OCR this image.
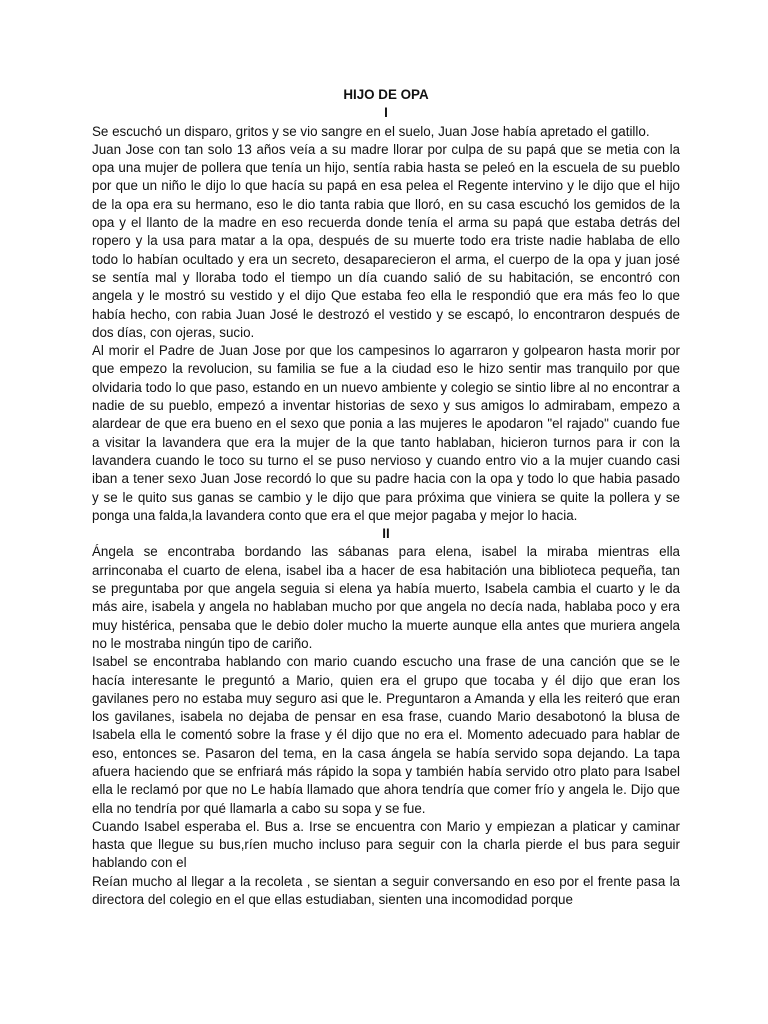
HIJO DE OPA

I

Se escuchó un disparo, gritos y se vio sangre en el suelo, Juan Jose había apretado el gatillo.

Juan Jose con tan solo 13 años veía a su madre llorar por culpa de su papá que se metia con la opa una mujer de pollera que tenía un hijo, sentía rabia hasta se peleó en la escuela de su pueblo por que un niño le dijo lo que hacía su papá en esa pelea el Regente intervino y le dijo que el hijo de la opa era su hermano, eso le dio tanta rabia que lloró, en su casa escuchó los gemidos de la opa y el llanto de la madre en eso recuerda donde tenía el arma su papá que estaba detrás del ropero y la usa para matar a la opa, después de su muerte todo era triste nadie hablaba de ello todo lo habían ocultado y era un secreto, desaparecieron el arma, el cuerpo de la opa y juan josé se sentía mal y lloraba todo el tiempo un día cuando salió de su habitación, se encontró con angela y le mostró su vestido y el dijo Que estaba feo ella le respondió que era más feo lo que había hecho, con rabia Juan José le destrozó el vestido y se escapó, lo encontraron después de dos días, con ojeras, sucio.

Al morir el Padre de Juan Jose por que los campesinos lo agarraron y golpearon hasta morir por que empezo la revolucion, su familia se fue a la ciudad eso le hizo sentir mas tranquilo por que olvidaria todo lo que paso, estando en un nuevo ambiente y colegio se sintio libre al no encontrar a nadie de su pueblo, empezó a inventar historias de sexo y sus amigos lo admirabam, empezo a alardear de que era bueno en el sexo que ponia a las mujeres le apodaron "el rajado" cuando fue a visitar la lavandera que era la mujer de la que tanto hablaban, hicieron turnos para ir con la lavandera cuando le toco su turno el se puso nervioso y cuando entro vio a la mujer cuando casi iban a tener sexo Juan Jose recordó lo que su padre hacia con la opa y todo lo que habia pasado y se le quito sus ganas se cambio y le dijo que para próxima que viniera se quite la pollera y se ponga una falda,la lavandera conto que era el que mejor pagaba y mejor lo hacia.

II

Ángela se encontraba bordando las sábanas para elena, isabel la miraba mientras ella arrinconaba el cuarto de elena, isabel iba a hacer de esa habitación una biblioteca pequeña, tan se preguntaba por que angela seguia si elena ya había muerto, Isabela cambia el cuarto y le da más aire, isabela y angela no hablaban mucho por que angela no decía nada, hablaba poco y era muy histérica, pensaba que le debio doler mucho la muerte aunque ella antes que muriera angela no le mostraba ningún tipo de cariño.

Isabel se encontraba hablando con mario cuando escucho una frase de una canción que se le hacía interesante le preguntó a Mario, quien era el grupo que tocaba y él dijo que eran los gavilanes pero no estaba muy seguro asi que le. Preguntaron a Amanda y ella les reiteró que eran los gavilanes, isabela no dejaba de pensar en esa frase, cuando Mario desabotonó la blusa de Isabela ella le comentó sobre la frase y él dijo que no era el. Momento adecuado para hablar de eso, entonces se. Pasaron del tema, en la casa ángela se había servido sopa dejando. La tapa afuera haciendo que se enfriará más rápido la sopa y también había servido otro plato para Isabel ella le reclamó por que no Le había llamado que ahora tendría que comer frío y angela le. Dijo que ella no tendría por qué llamarla a cabo su sopa y se fue.

Cuando Isabel esperaba el. Bus a. Irse se encuentra con Mario y empiezan a platicar y caminar hasta que llegue su bus,ríen mucho incluso para seguir con la charla pierde el bus para seguir hablando con el

Reían mucho al llegar a la recoleta , se sientan a seguir conversando en eso por el frente pasa la directora del colegio en el que ellas estudiaban, sienten una incomodidad porque
